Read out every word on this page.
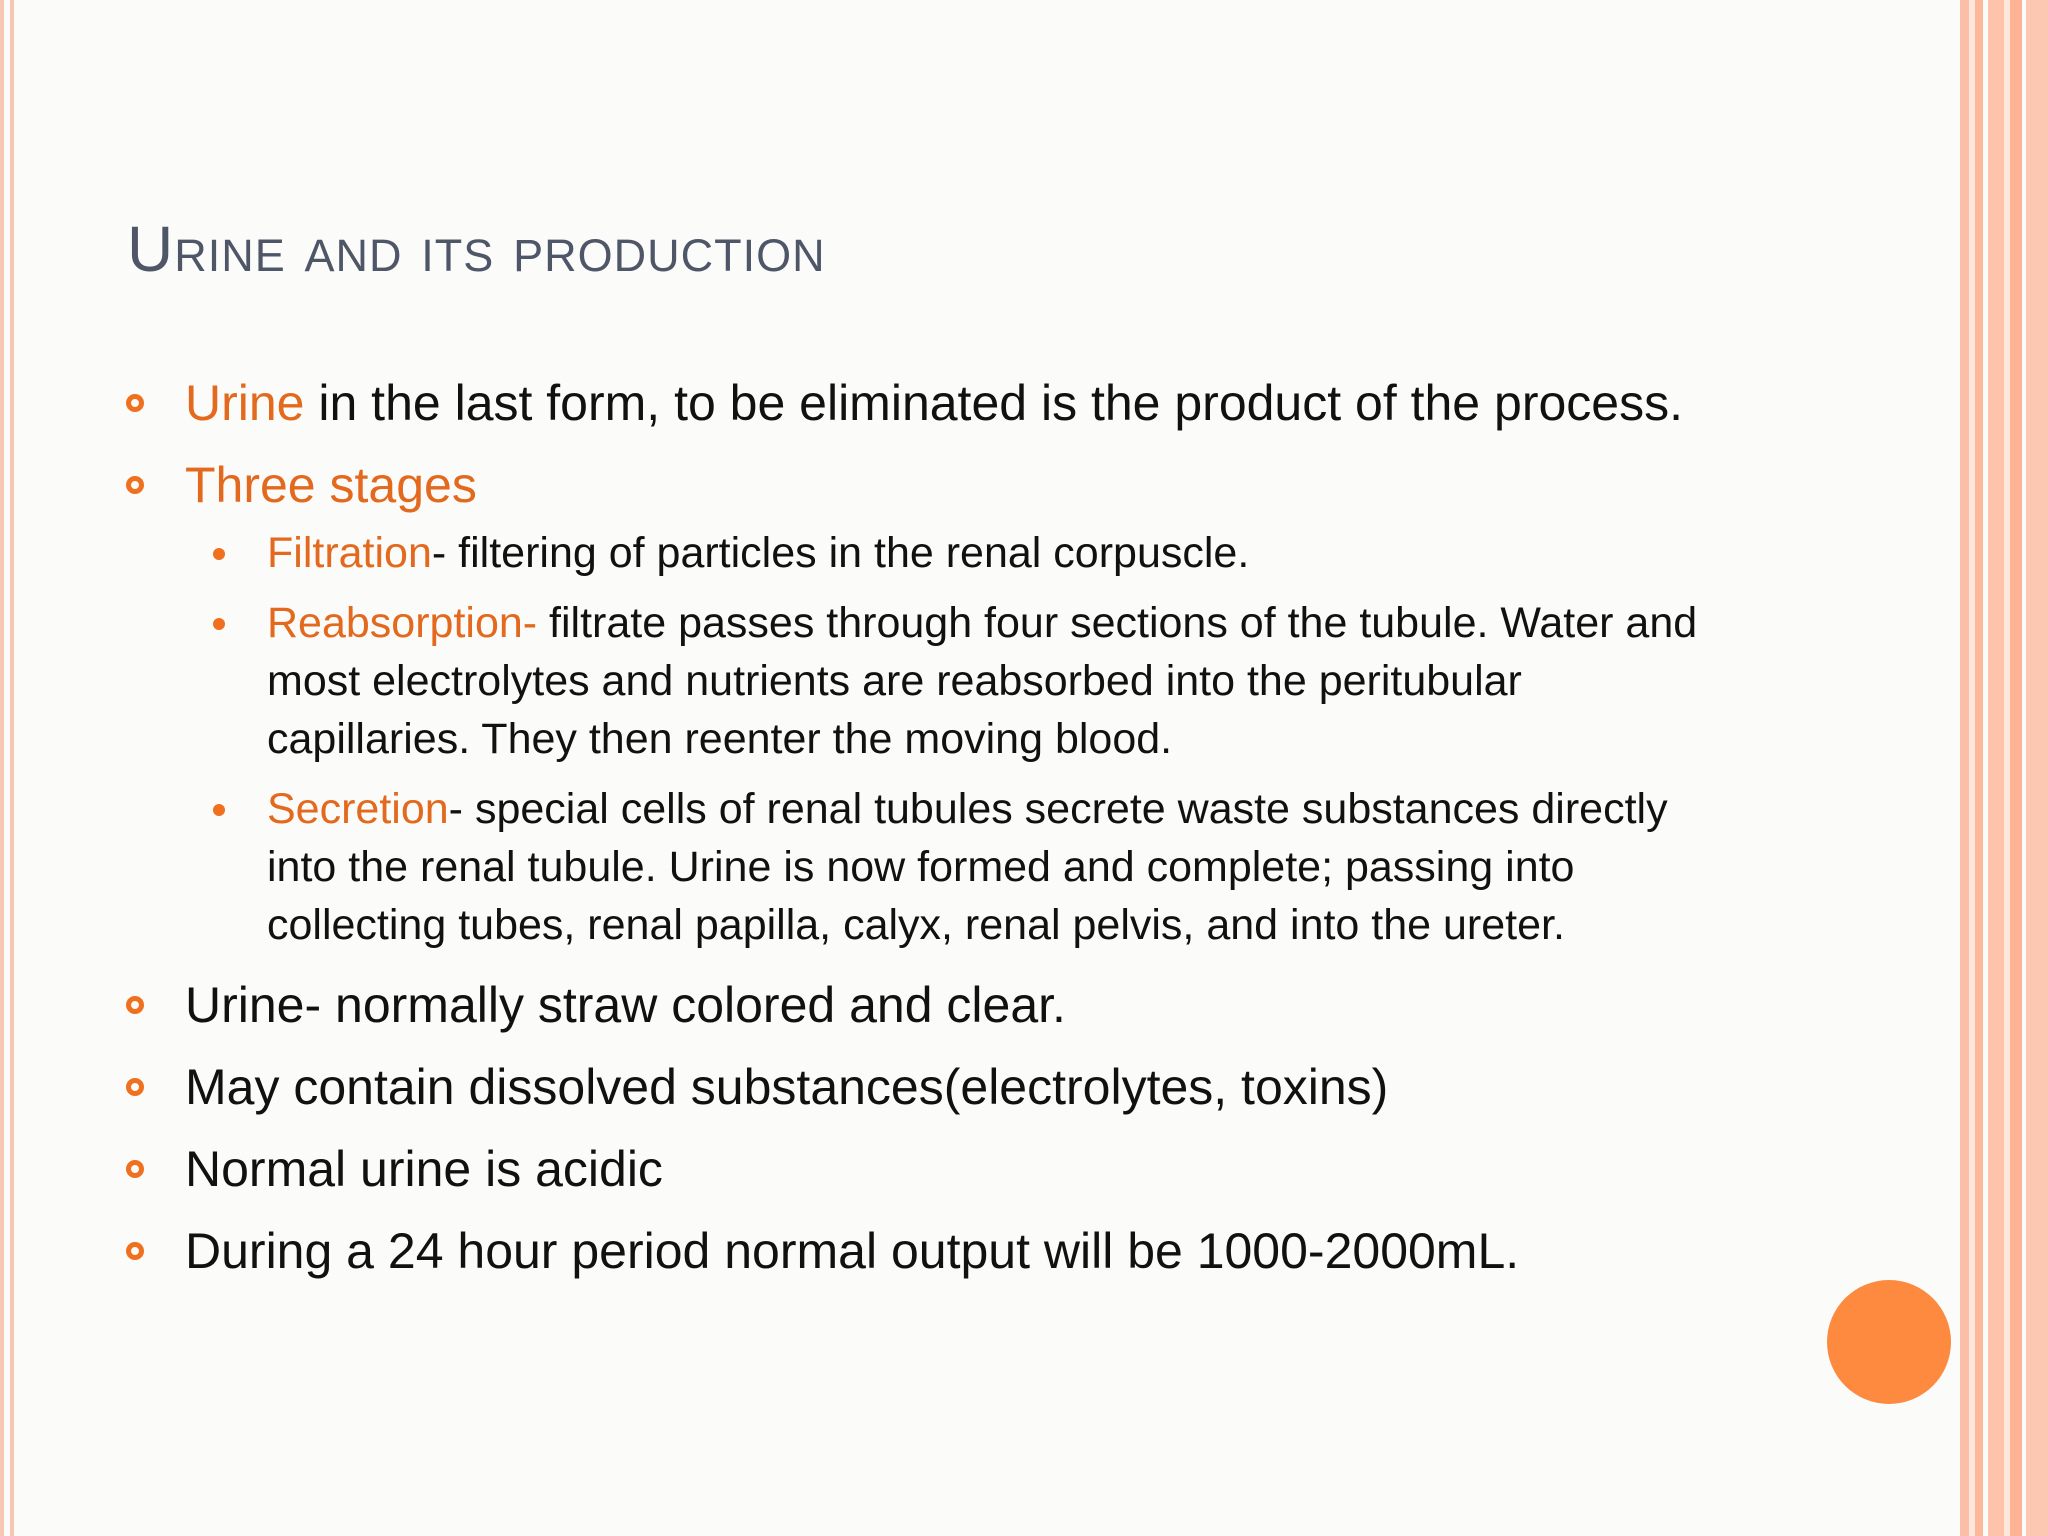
Urine and its production
Urine in the last form, to be eliminated is the product of the process.
Three stages
Filtration- filtering of particles in the renal corpuscle.
Reabsorption- filtrate passes through four sections of the tubule. Water and most electrolytes and nutrients are reabsorbed into the peritubular capillaries. They then reenter the moving blood.
Secretion- special cells of renal tubules secrete waste substances directly into the renal tubule. Urine is now formed and complete; passing into collecting tubes, renal papilla, calyx, renal pelvis, and into the ureter.
Urine- normally straw colored and clear.
May contain dissolved substances(electrolytes, toxins)
Normal urine is acidic
During a 24 hour period normal output will be 1000-2000mL.
